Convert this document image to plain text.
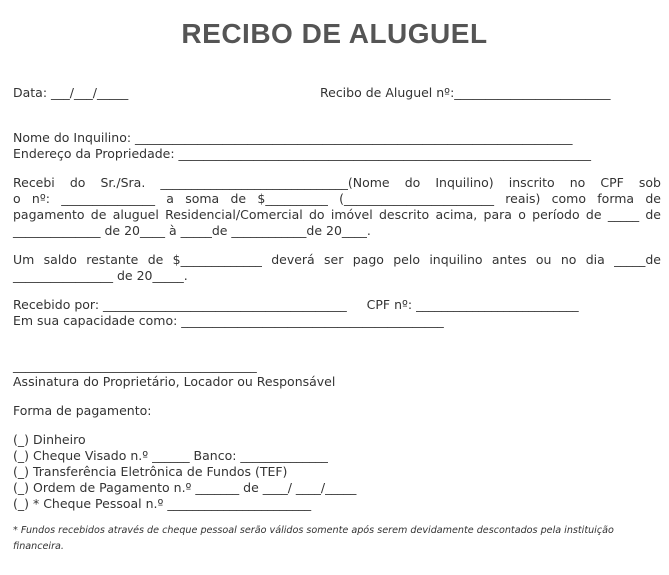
RECIBO DE ALUGUEL
Data: ___/___/_____	Recibo de Aluguel nº:_________________________
Nome do Inquilino: ______________________________________________________________________
Endereço da Propriedade: __________________________________________________________________
Recebi do Sr./Sra. ______________________________(Nome do Inquilino) inscrito no CPF sob
o nº: _______________ a soma de $__________ (________________________ reais) como forma de
pagamento de aluguel Residencial/Comercial do imóvel descrito acima, para o período de _____ de
______________ de 20____ à _____de ____________de 20____.
Um saldo restante de $_____________ deverá ser pago pelo inquilino antes ou no dia _____de
________________ de 20_____.
Recebido por: _______________________________________     CPF nº: __________________________
Em sua capacidade como: __________________________________________
_______________________________________
Assinatura do Proprietário, Locador ou Responsável
Forma de pagamento:
(_) Dinheiro
(_) Cheque Visado n.º ______ Banco: ______________
(_) Transferência Eletrônica de Fundos (TEF)
(_) Ordem de Pagamento n.º _______ de ____/ ____/_____
(_) * Cheque Pessoal n.º _______________________
* Fundos recebidos através de cheque pessoal serão válidos somente após serem devidamente descontados pela instituição financeira.
